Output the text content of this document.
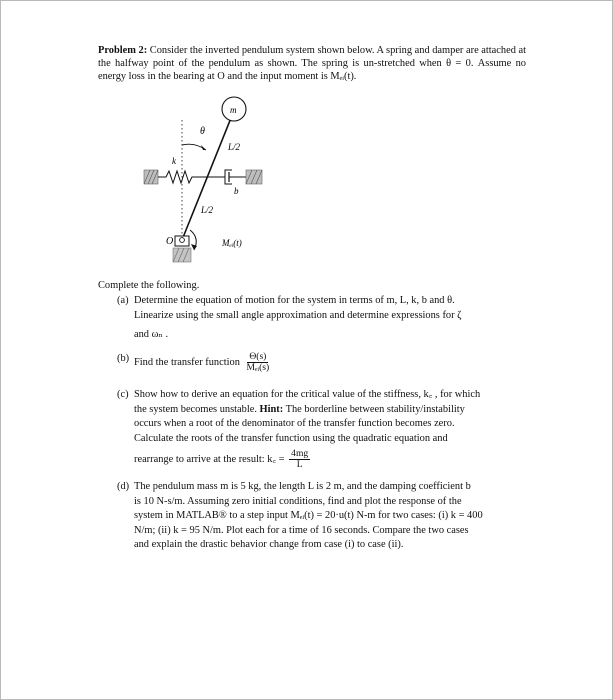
Problem 2: Consider the inverted pendulum system shown below. A spring and damper are attached at the halfway point of the pendulum as shown. The spring is un-stretched when θ = 0. Assume no energy loss in the bearing at O and the input moment is Mₑᵢ(t).
m
θ
L/2
L/2
k
b
O	Mₑᵢ(t)
Complete the following.
(a) Determine the equation of motion for the system in terms of m, L, k, b and θ.
Linearize using the small angle approximation and determine expressions for ζ
and ωₙ .
(b) Find the transfer function $\frac{\Theta(s)}{\text{Mₑᵢ(s)}}$
(c) Show how to derive an equation for the critical value of the stiffness, k꜀ , for which
the system becomes unstable. Hint: The borderline between stability/instability
occurs when a root of the denominator of the transfer function becomes zero.
Calculate the roots of the transfer function using the quadratic equation and
rearrange to arrive at the result: k꜀ = $\frac{4mg}{L}$
(d) The pendulum mass m is 5 kg, the length L is 2 m, and the damping coefficient b
is 10 N-s/m. Assuming zero initial conditions, find and plot the response of the
system in MATLAB® to a step input Mₑᵢ(t) = 20·u(t) N-m for two cases: (i) k = 400
N/m; (ii) k = 95 N/m. Plot each for a time of 16 seconds. Compare the two cases
and explain the drastic behavior change from case (i) to case (ii).
